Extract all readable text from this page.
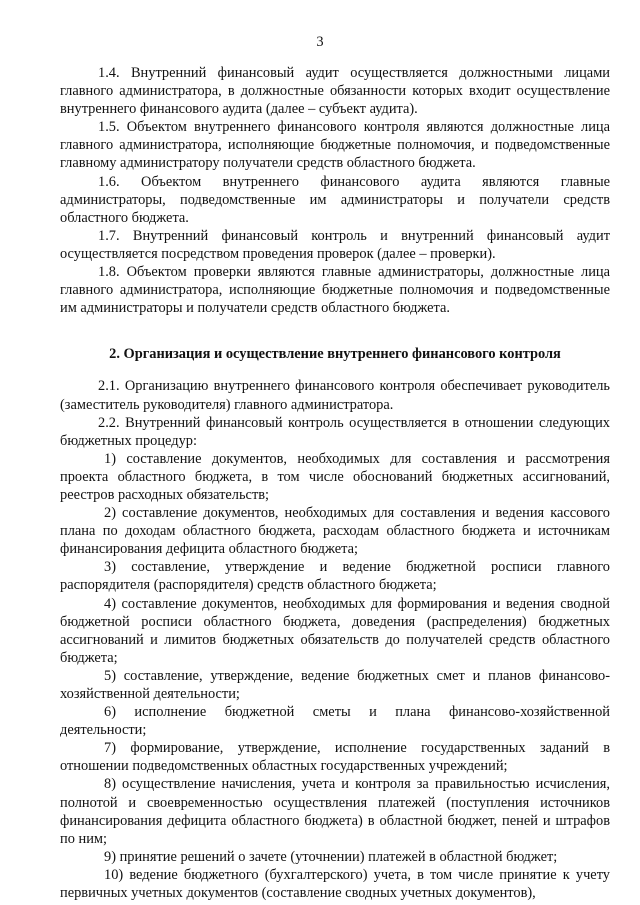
3

1.4. Внутренний финансовый аудит осуществляется должностными лицами главного администратора, в должностные обязанности которых входит осуществление внутреннего финансового аудита (далее – субъект аудита).

1.5. Объектом внутреннего финансового контроля являются должностные лица главного администратора, исполняющие бюджетные полномочия, и подведомственные главному администратору получатели средств областного бюджета.

1.6. Объектом внутреннего финансового аудита являются главные администраторы, подведомственные им администраторы и получатели средств областного бюджета.

1.7. Внутренний финансовый контроль и внутренний финансовый аудит осуществляется посредством проведения проверок (далее – проверки).

1.8. Объектом проверки являются главные администраторы, должностные лица главного администратора, исполняющие бюджетные полномочия и подведомственные им администраторы и получатели средств областного бюджета.

2. Организация и осуществление внутреннего финансового контроля

2.1. Организацию внутреннего финансового контроля обеспечивает руководитель (заместитель руководителя) главного администратора.

2.2. Внутренний финансовый контроль осуществляется в отношении следующих бюджетных процедур:

1) составление документов, необходимых для составления и рассмотрения проекта областного бюджета, в том числе обоснований бюджетных ассигнований, реестров расходных обязательств;

2) составление документов, необходимых для составления и ведения кассового плана по доходам областного бюджета, расходам областного бюджета и источникам финансирования дефицита областного бюджета;

3) составление, утверждение и ведение бюджетной росписи главного распорядителя (распорядителя) средств областного бюджета;

4) составление документов, необходимых для формирования и ведения сводной бюджетной росписи областного бюджета, доведения (распределения) бюджетных ассигнований и лимитов бюджетных обязательств до получателей средств областного бюджета;

5) составление, утверждение, ведение бюджетных смет и планов финансово-хозяйственной деятельности;

6) исполнение бюджетной сметы и плана финансово-хозяйственной деятельности;

7) формирование, утверждение, исполнение государственных заданий в отношении подведомственных областных государственных учреждений;

8) осуществление начисления, учета и контроля за правильностью исчисления, полнотой и своевременностью осуществления платежей (поступления источников финансирования дефицита областного бюджета) в областной бюджет, пеней и штрафов по ним;

9) принятие решений о зачете (уточнении) платежей в областной бюджет;

10) ведение бюджетного (бухгалтерского) учета, в том числе принятие к учету первичных учетных документов (составление сводных учетных документов),
